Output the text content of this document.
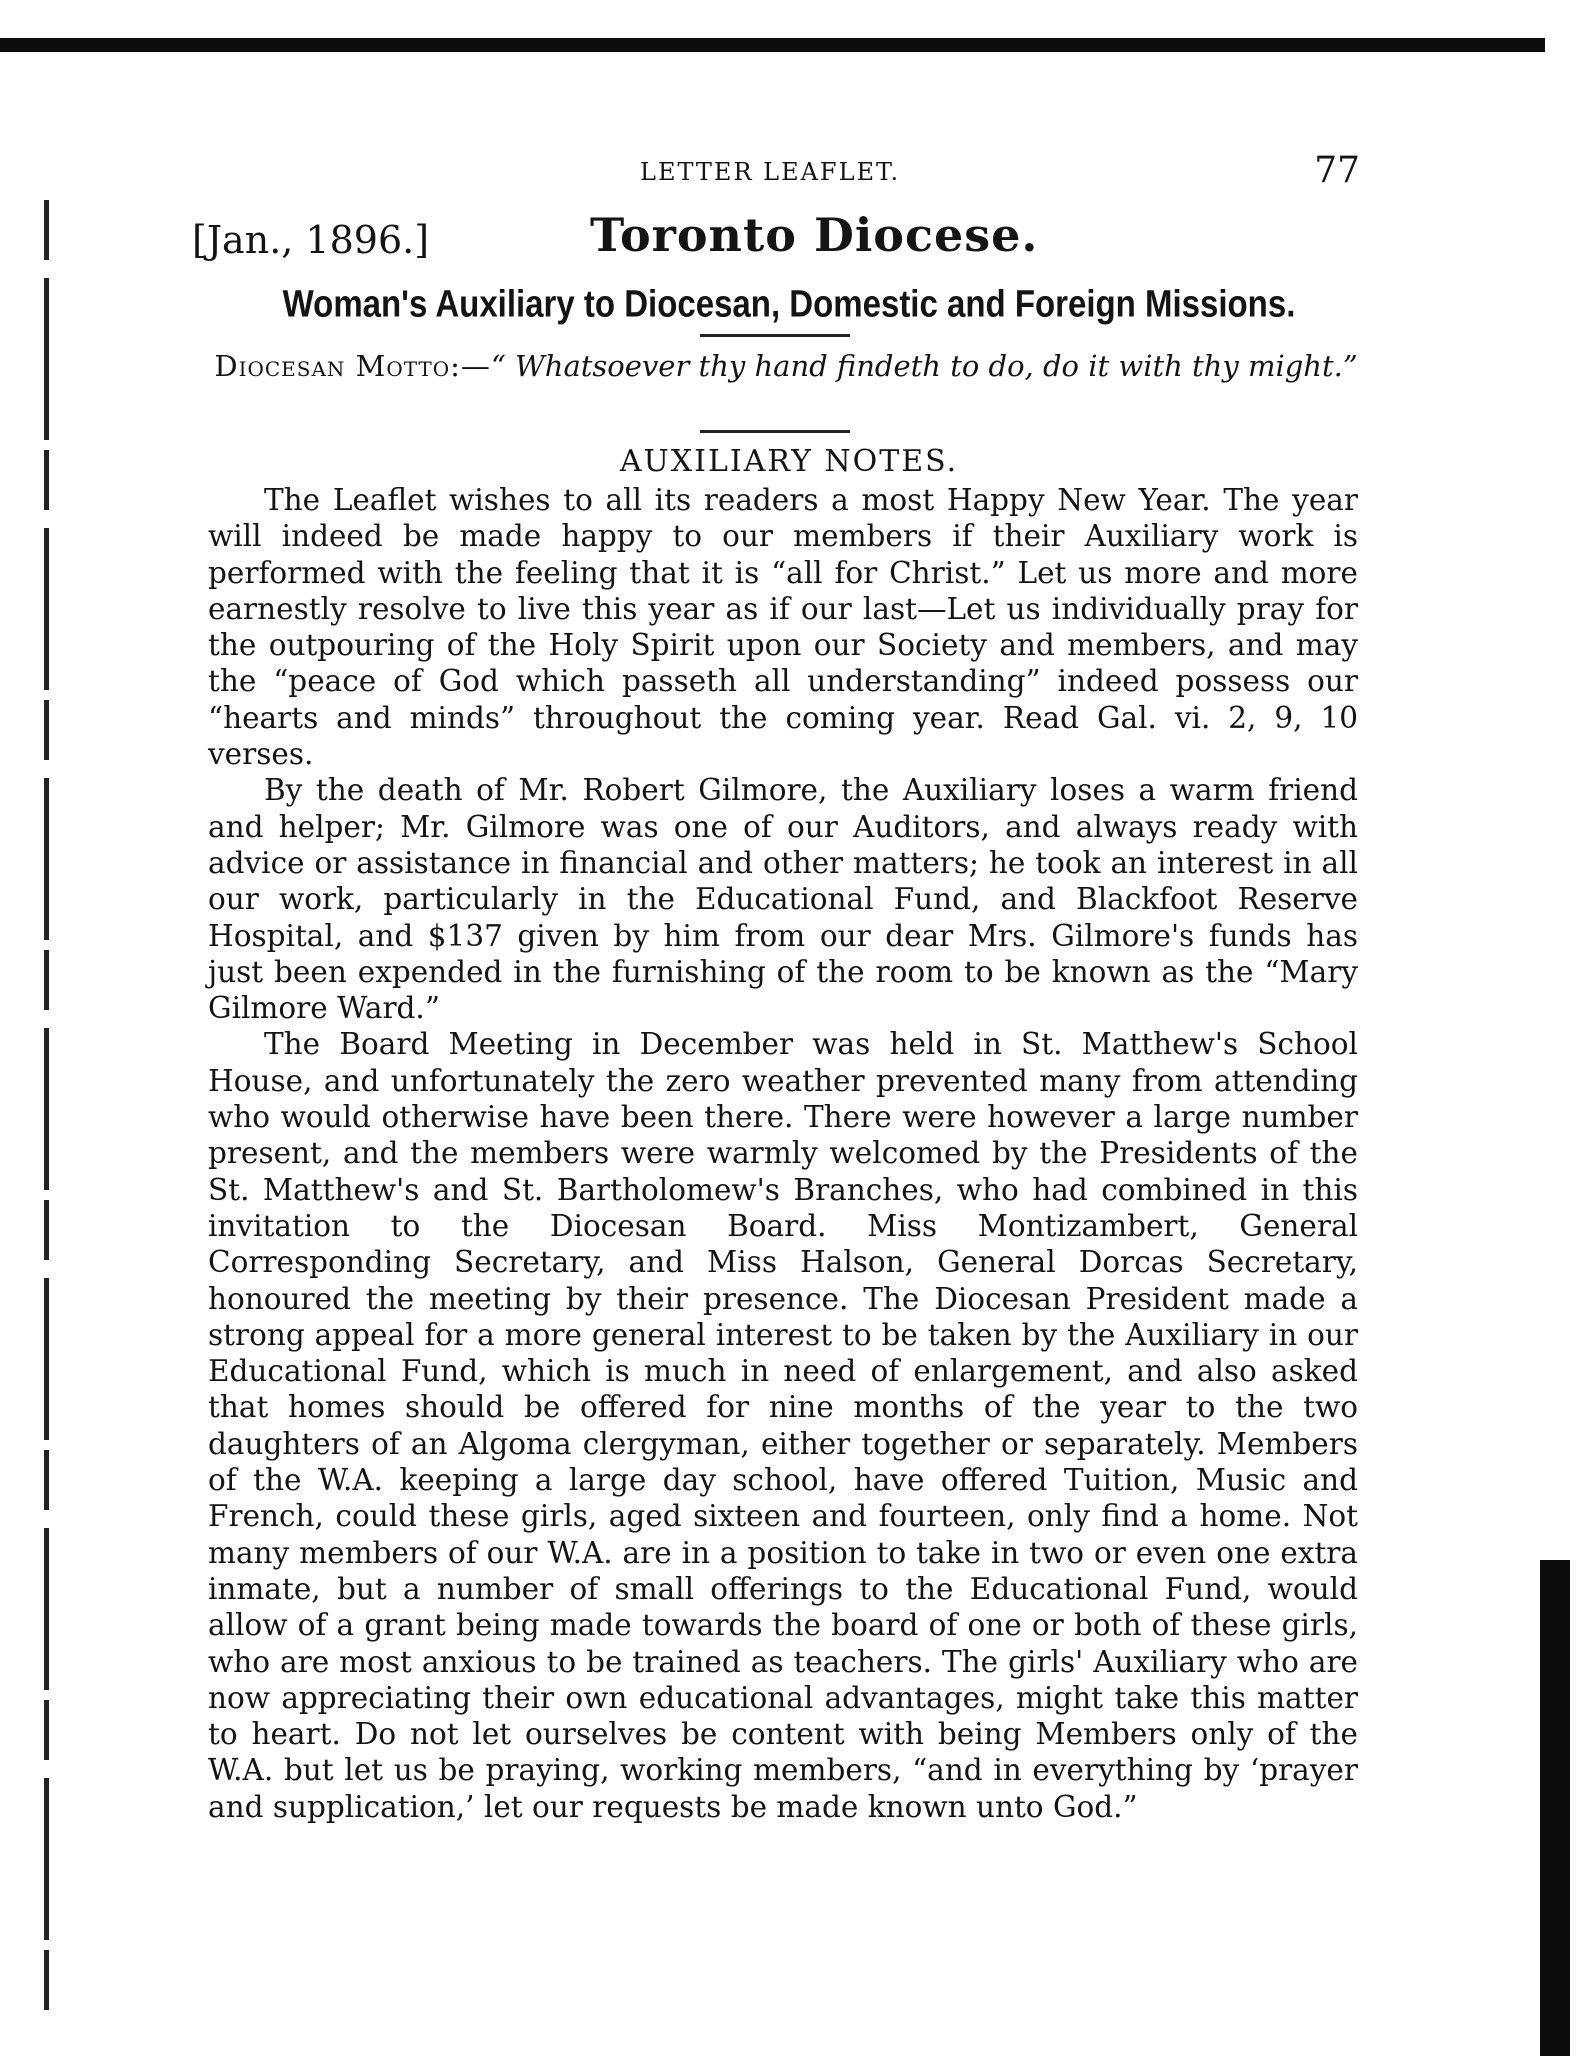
LETTER LEAFLET.	77
[Jan., 1896.]	Toronto Diocese.
Woman's Auxiliary to Diocesan, Domestic and Foreign Missions.
Diocesan Motto:—“ Whatsoever thy hand findeth to do, do it with thy might.”
AUXILIARY NOTES.

The Leaflet wishes to all its readers a most Happy New Year. The year will indeed be made happy to our members if their Auxiliary work is performed with the feeling that it is “all for Christ.” Let us more and more earnestly resolve to live this year as if our last—Let us individually pray for the outpouring of the Holy Spirit upon our Society and members, and may the “peace of God which passeth all understanding” indeed possess our “hearts and minds” throughout the coming year. Read Gal. vi. 2, 9, 10 verses.

By the death of Mr. Robert Gilmore, the Auxiliary loses a warm friend and helper; Mr. Gilmore was one of our Auditors, and always ready with advice or assistance in financial and other matters; he took an interest in all our work, particularly in the Educational Fund, and Blackfoot Reserve Hospital, and $137 given by him from our dear Mrs. Gilmore's funds has just been expended in the furnishing of the room to be known as the “Mary Gilmore Ward.”

The Board Meeting in December was held in St. Matthew's School House, and unfortunately the zero weather prevented many from attending who would otherwise have been there. There were however a large number present, and the members were warmly welcomed by the Presidents of the St. Matthew's and St. Bartholomew's Branches, who had combined in this invitation to the Diocesan Board. Miss Montizambert, General Corresponding Secretary, and Miss Halson, General Dorcas Secretary, honoured the meeting by their presence. The Diocesan President made a strong appeal for a more general interest to be taken by the Auxiliary in our Educational Fund, which is much in need of enlargement, and also asked that homes should be offered for nine months of the year to the two daughters of an Algoma clergyman, either together or separately. Members of the W.A. keeping a large day school, have offered Tuition, Music and French, could these girls, aged sixteen and fourteen, only find a home. Not many members of our W.A. are in a position to take in two or even one extra inmate, but a number of small offerings to the Educational Fund, would allow of a grant being made towards the board of one or both of these girls, who are most anxious to be trained as teachers. The girls' Auxiliary who are now appreciating their own educational advantages, might take this matter to heart. Do not let ourselves be content with being Members only of the W.A. but let us be praying, working members, “and in everything by ‘prayer and supplication,’ let our requests be made known unto God.”
